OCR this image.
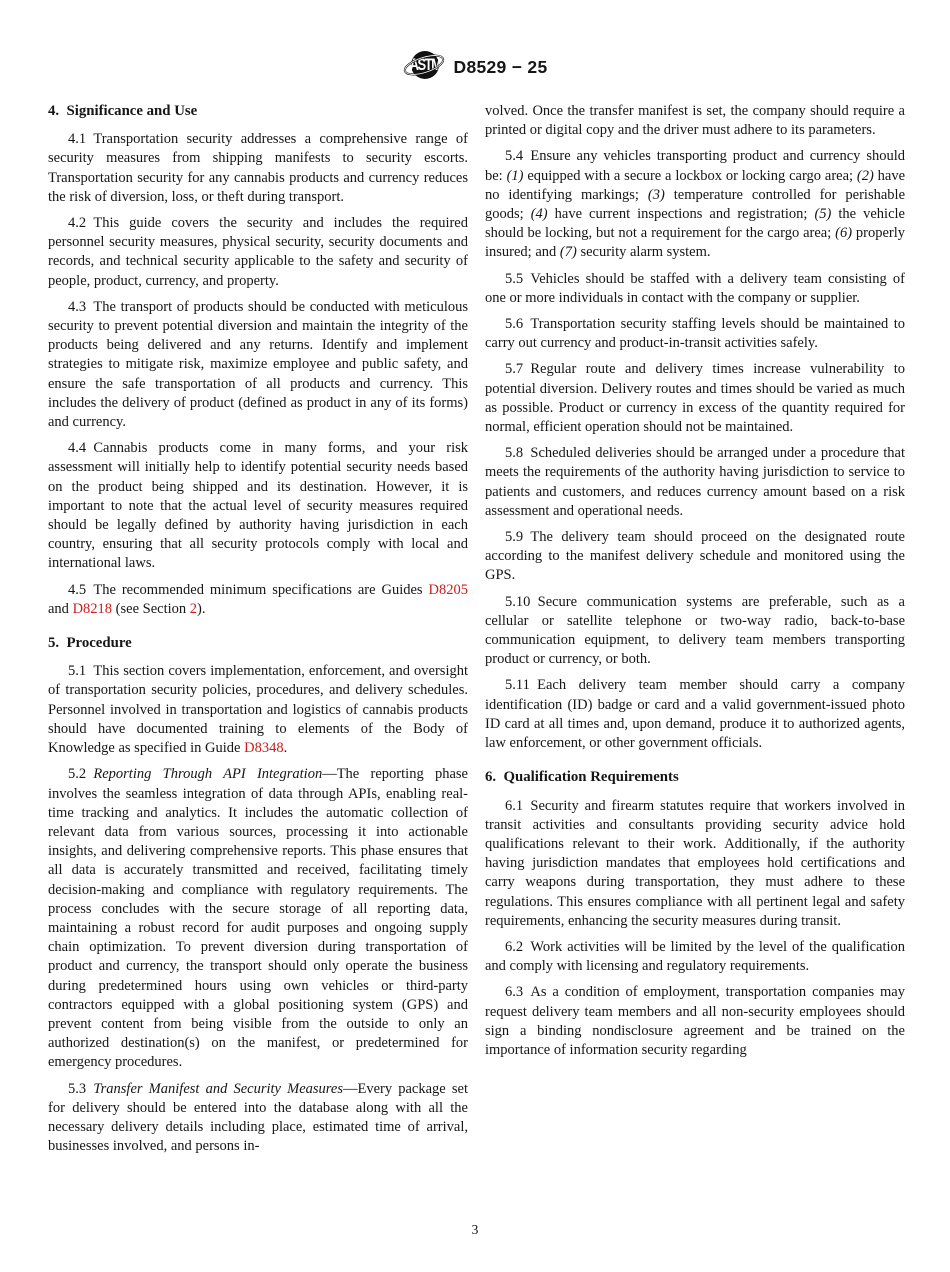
ASTM D8529 − 25
4. Significance and Use

4.1 Transportation security addresses a comprehensive range of security measures from shipping manifests to security escorts. Transportation security for any cannabis products and currency reduces the risk of diversion, loss, or theft during transport.

4.2 This guide covers the security and includes the required personnel security measures, physical security, security documents and records, and technical security applicable to the safety and security of people, product, currency, and property.

4.3 The transport of products should be conducted with meticulous security to prevent potential diversion and maintain the integrity of the products being delivered and any returns. Identify and implement strategies to mitigate risk, maximize employee and public safety, and ensure the safe transportation of all products and currency. This includes the delivery of product (defined as product in any of its forms) and currency.

4.4 Cannabis products come in many forms, and your risk assessment will initially help to identify potential security needs based on the product being shipped and its destination. However, it is important to note that the actual level of security measures required should be legally defined by authority having jurisdiction in each country, ensuring that all security protocols comply with local and international laws.

4.5 The recommended minimum specifications are Guides D8205 and D8218 (see Section 2).

5. Procedure

5.1 This section covers implementation, enforcement, and oversight of transportation security policies, procedures, and delivery schedules. Personnel involved in transportation and logistics of cannabis products should have documented training to elements of the Body of Knowledge as specified in Guide D8348.

5.2 Reporting Through API Integration—The reporting phase involves the seamless integration of data through APIs, enabling real-time tracking and analytics. It includes the automatic collection of relevant data from various sources, processing it into actionable insights, and delivering comprehensive reports. This phase ensures that all data is accurately transmitted and received, facilitating timely decision-making and compliance with regulatory requirements. The process concludes with the secure storage of all reporting data, maintaining a robust record for audit purposes and ongoing supply chain optimization. To prevent diversion during transportation of product and currency, the transport should only operate the business during predetermined hours using own vehicles or third-party contractors equipped with a global positioning system (GPS) and prevent content from being visible from the outside to only an authorized destination(s) on the manifest, or predetermined for emergency procedures.

5.3 Transfer Manifest and Security Measures—Every package set for delivery should be entered into the database along with all the necessary delivery details including place, estimated time of arrival, businesses involved, and persons in-

volved. Once the transfer manifest is set, the company should require a printed or digital copy and the driver must adhere to its parameters.

5.4 Ensure any vehicles transporting product and currency should be: (1) equipped with a secure a lockbox or locking cargo area; (2) have no identifying markings; (3) temperature controlled for perishable goods; (4) have current inspections and registration; (5) the vehicle should be locking, but not a requirement for the cargo area; (6) properly insured; and (7) security alarm system.

5.5 Vehicles should be staffed with a delivery team consisting of one or more individuals in contact with the company or supplier.

5.6 Transportation security staffing levels should be maintained to carry out currency and product-in-transit activities safely.

5.7 Regular route and delivery times increase vulnerability to potential diversion. Delivery routes and times should be varied as much as possible. Product or currency in excess of the quantity required for normal, efficient operation should not be maintained.

5.8 Scheduled deliveries should be arranged under a procedure that meets the requirements of the authority having jurisdiction to service to patients and customers, and reduces currency amount based on a risk assessment and operational needs.

5.9 The delivery team should proceed on the designated route according to the manifest delivery schedule and monitored using the GPS.

5.10 Secure communication systems are preferable, such as a cellular or satellite telephone or two-way radio, back-to-base communication equipment, to delivery team members transporting product or currency, or both.

5.11 Each delivery team member should carry a company identification (ID) badge or card and a valid government-issued photo ID card at all times and, upon demand, produce it to authorized agents, law enforcement, or other government officials.

6. Qualification Requirements

6.1 Security and firearm statutes require that workers involved in transit activities and consultants providing security advice hold qualifications relevant to their work. Additionally, if the authority having jurisdiction mandates that employees hold certifications and carry weapons during transportation, they must adhere to these regulations. This ensures compliance with all pertinent legal and safety requirements, enhancing the security measures during transit.

6.2 Work activities will be limited by the level of the qualification and comply with licensing and regulatory requirements.

6.3 As a condition of employment, transportation companies may request delivery team members and all non-security employees should sign a binding nondisclosure agreement and be trained on the importance of information security regarding

3
